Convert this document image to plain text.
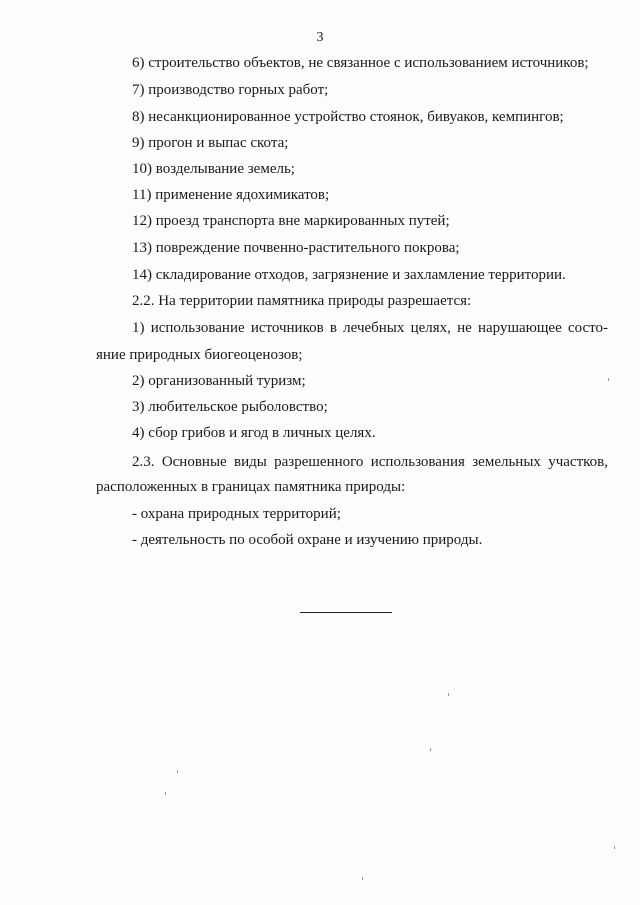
3
6) строительство объектов, не связанное с использованием источников;
7) производство горных работ;
8) несанкционированное устройство стоянок, бивуаков, кемпингов;
9) прогон и выпас скота;
10) возделывание земель;
11) применение ядохимикатов;
12) проезд транспорта вне маркированных путей;
13) повреждение почвенно-растительного покрова;
14) складирование отходов, загрязнение и захламление территории.
2.2. На территории памятника природы разрешается:
1) использование источников в лечебных целях, не нарушающее состо-
яние природных биогеоценозов;
2) организованный туризм;
3) любительское рыболовство;
4) сбор грибов и ягод в личных целях.
2.3. Основные виды разрешенного использования земельных участков,
расположенных в границах памятника природы:
- охрана природных территорий;
- деятельность по особой охране и изучению природы.
